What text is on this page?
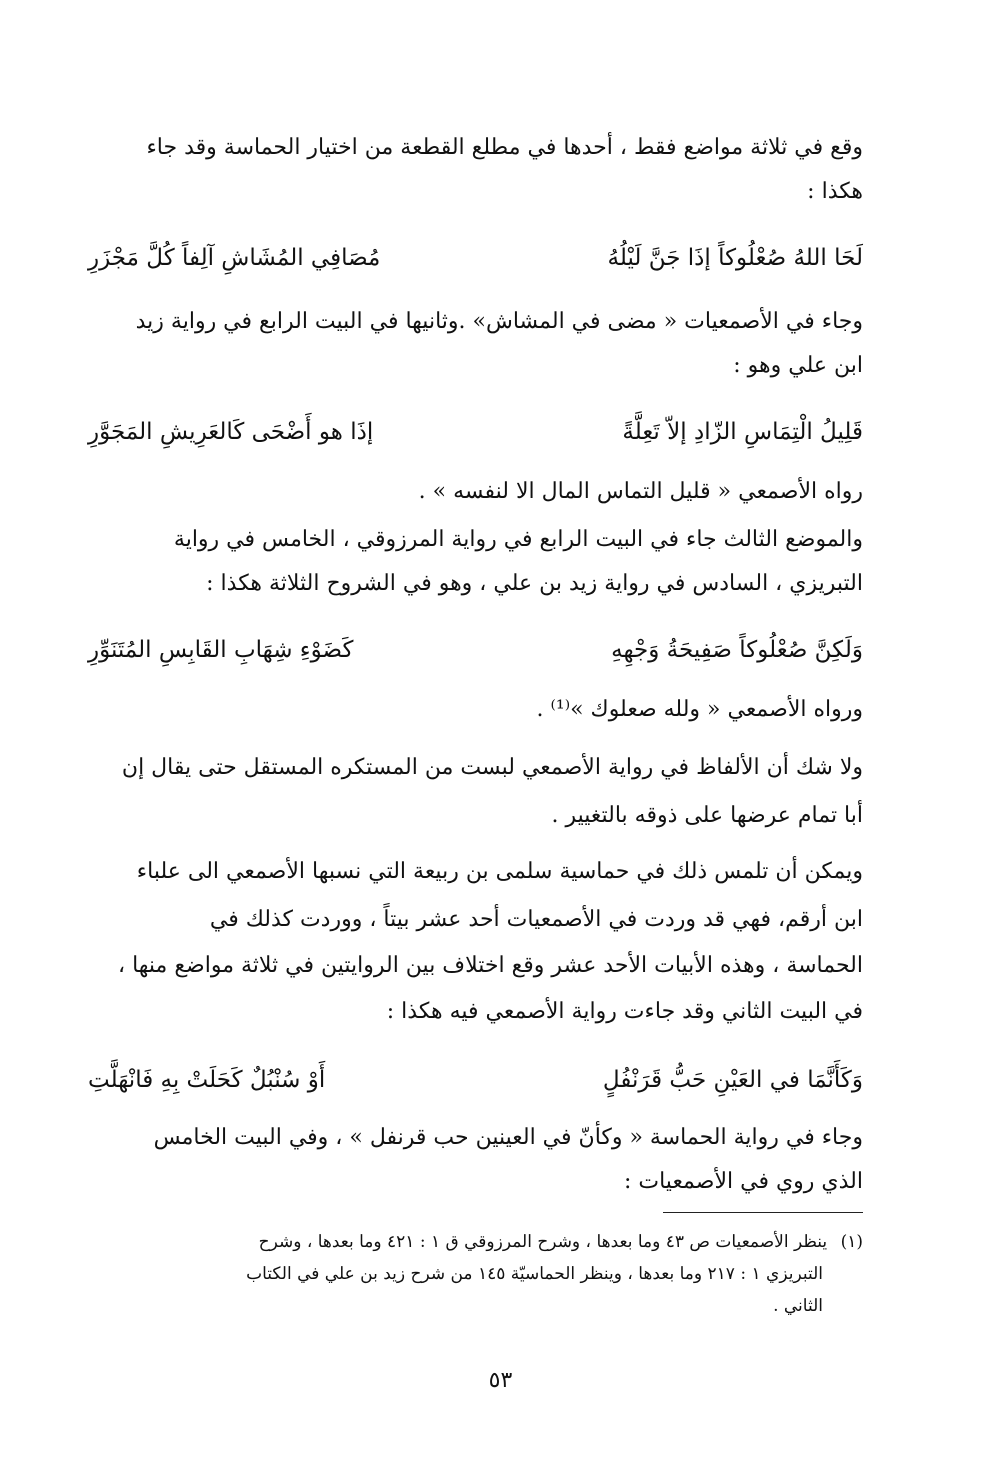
وقع في ثلاثة مواضع فقط ، أحدها في مطلع القطعة من اختيار الحماسة وقد جاء
هكذا :
لَحَا اللهُ صُعْلُوكاً إذَا جَنَّ لَيْلُهُ
مُصَافِي المُشَاشِ آلِفاً كُلَّ مَجْزَرِ
وجاء في الأصمعيات « مضى في المشاش» .وثانيها في البيت الرابع في رواية زيد
ابن علي وهو :
قَلِيلُ الْتِمَاسِ الزّادِ إلاّ تَعِلَّةً
إذَا هو أَضْحَى كَالعَرِيشِ المَجَوَّرِ
رواه الأصمعي « قليل التماس المال الا لنفسه » .
والموضع الثالث جاء في البيت الرابع في رواية المرزوقي ، الخامس في رواية
التبريزي ، السادس في رواية زيد بن علي ، وهو في الشروح الثلاثة هكذا :
وَلَكِنَّ صُعْلُوكاً صَفِيحَةُ وَجْهِهِ
كَضَوْءِ شِهَابِ القَابِسِ المُتَنَوِّرِ
ورواه الأصمعي « ولله صعلوك »⁽¹⁾ .
ولا شك أن الألفاظ في رواية الأصمعي لبست من المستكره المستقل حتى يقال إن
أبا تمام عرضها على ذوقه بالتغيير .
ويمكن أن تلمس ذلك في حماسية سلمى بن ربيعة التي نسبها الأصمعي الى علباء
ابن أرقم، فهي قد وردت في الأصمعيات أحد عشر بيتاً ، ووردت كذلك في
الحماسة ، وهذه الأبيات الأحد عشر وقع اختلاف بين الروايتين في ثلاثة مواضع منها ،
في البيت الثاني وقد جاءت رواية الأصمعي فيه هكذا :
وَكَأَنَّمَا في العَيْنِ حَبُّ قَرَنْفُلٍ
أَوْ سُنْبُلٌ كَحَلَتْ بِهِ فَانْهَلَّتِ
وجاء في رواية الحماسة « وكأنّ في العينين حب قرنفل » ، وفي البيت الخامس
الذي روي في الأصمعيات :
(١) ينظر الأصمعيات ص ٤٣ وما بعدها ، وشرح المرزوقي ق ١ : ٤٢١ وما بعدها ، وشرح
التبريزي ١ : ٢١٧ وما بعدها ، وينظر الحماسيّة ١٤٥ من شرح زيد بن علي في الكتاب
الثاني .
٥٣
